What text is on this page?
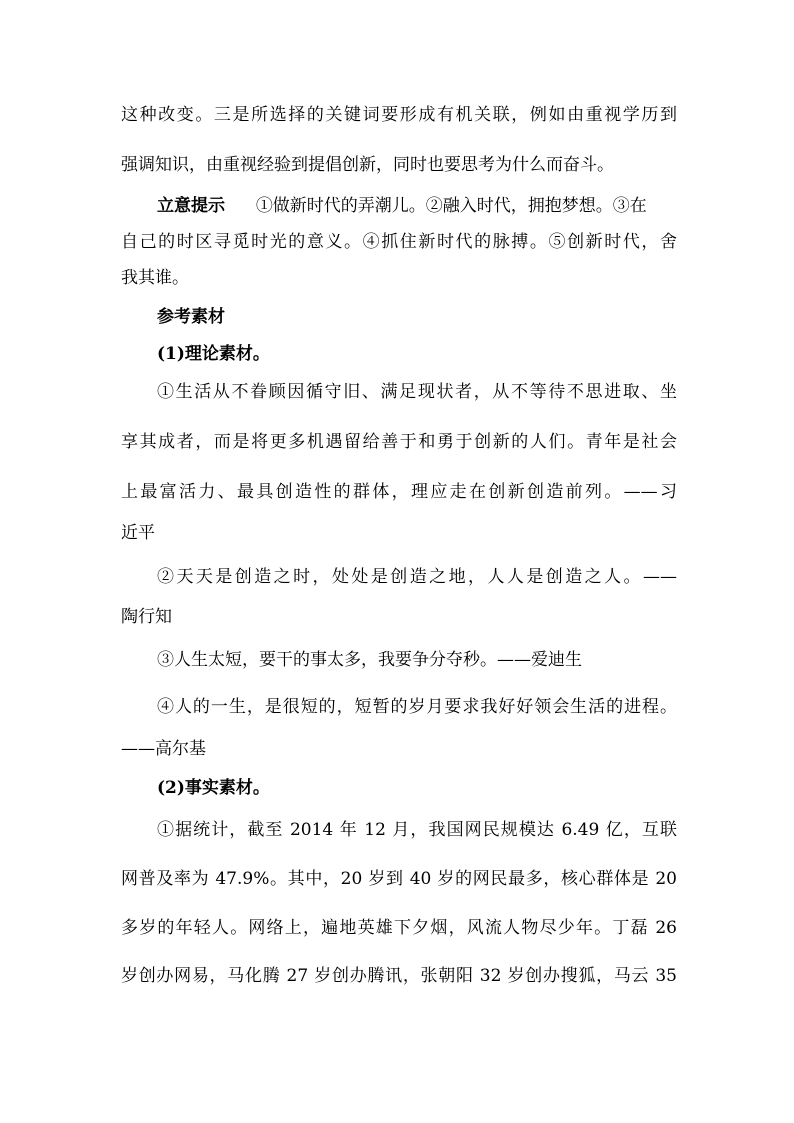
这种改变。三是所选择的关键词要形成有机关联，例如由重视学历到
强调知识，由重视经验到提倡创新，同时也要思考为什么而奋斗。
立意提示 ①做新时代的弄潮儿。②融入时代，拥抱梦想。③在
自己的时区寻觅时光的意义。④抓住新时代的脉搏。⑤创新时代，舍
我其谁。
参考素材
(1)理论素材。
①生活从不眷顾因循守旧、满足现状者，从不等待不思进取、坐
享其成者，而是将更多机遇留给善于和勇于创新的人们。青年是社会
上最富活力、最具创造性的群体，理应走在创新创造前列。——习
近平
②天天是创造之时，处处是创造之地，人人是创造之人。——
陶行知
③人生太短，要干的事太多，我要争分夺秒。——爱迪生
④人的一生，是很短的，短暂的岁月要求我好好领会生活的进程。
——高尔基
(2)事实素材。
①据统计，截至 2014 年 12 月，我国网民规模达 6.49 亿，互联
网普及率为 47.9%。其中，20 岁到 40 岁的网民最多，核心群体是 20
多岁的年轻人。网络上，遍地英雄下夕烟，风流人物尽少年。丁磊 26
岁创办网易，马化腾 27 岁创办腾讯，张朝阳 32 岁创办搜狐，马云 35
